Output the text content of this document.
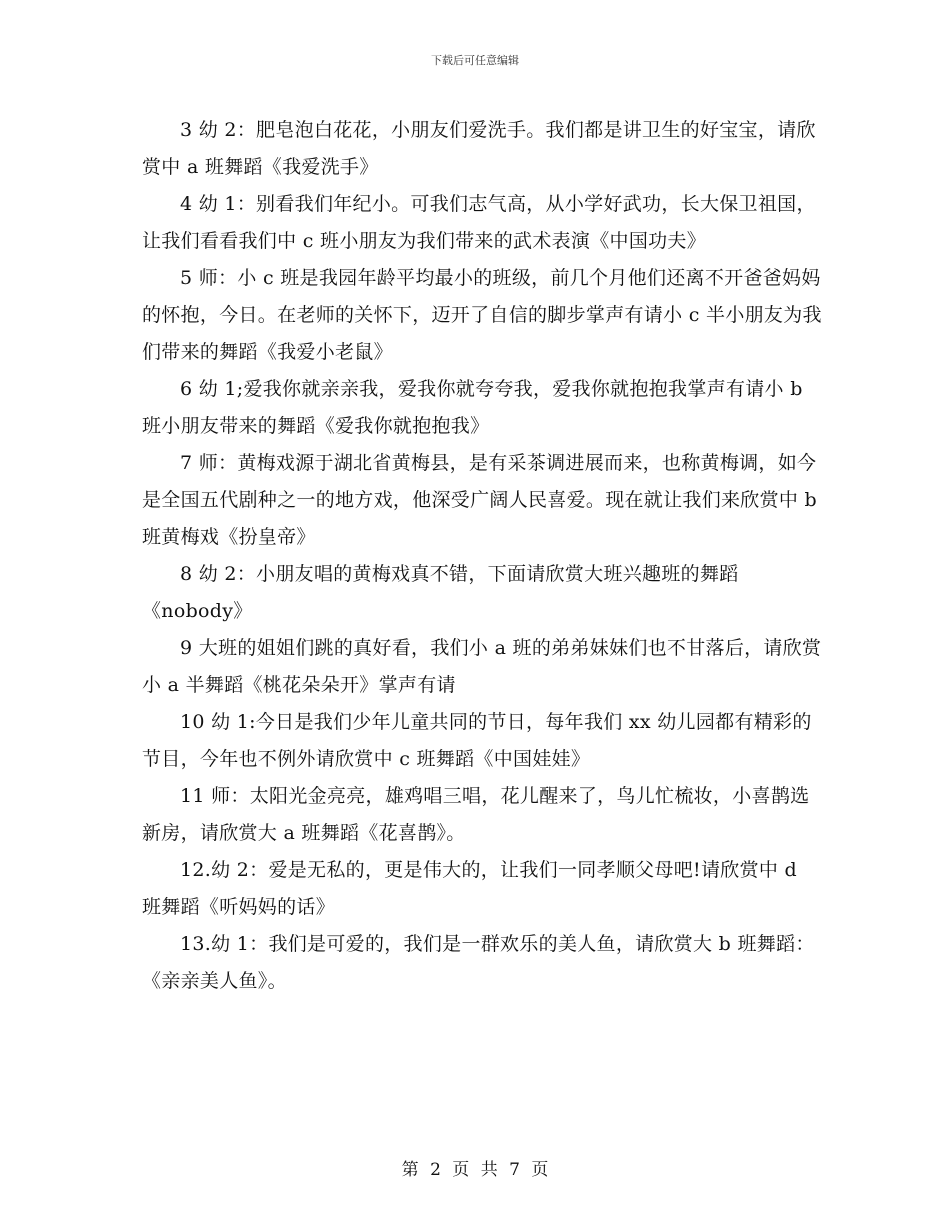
下载后可任意编辑

3 幼 2：肥皂泡白花花，小朋友们爱洗手。我们都是讲卫生的好宝宝，请欣赏中 a 班舞蹈《我爱洗手》

4 幼 1：别看我们年纪小。可我们志气高，从小学好武功，长大保卫祖国，让我们看看我们中 c 班小朋友为我们带来的武术表演《中国功夫》

5 师：小 c 班是我园年龄平均最小的班级，前几个月他们还离不开爸爸妈妈的怀抱，今日。在老师的关怀下，迈开了自信的脚步掌声有请小 c 半小朋友为我们带来的舞蹈《我爱小老鼠》

6 幼 1;爱我你就亲亲我，爱我你就夸夸我，爱我你就抱抱我掌声有请小 b 班小朋友带来的舞蹈《爱我你就抱抱我》

7 师：黄梅戏源于湖北省黄梅县，是有采茶调进展而来，也称黄梅调，如今是全国五代剧种之一的地方戏，他深受广阔人民喜爱。现在就让我们来欣赏中 b 班黄梅戏《扮皇帝》

8 幼 2：小朋友唱的黄梅戏真不错，下面请欣赏大班兴趣班的舞蹈《nobody》

9 大班的姐姐们跳的真好看，我们小 a 班的弟弟妹妹们也不甘落后，请欣赏小 a 半舞蹈《桃花朵朵开》掌声有请

10 幼 1:今日是我们少年儿童共同的节日，每年我们 xx 幼儿园都有精彩的节目，今年也不例外请欣赏中 c 班舞蹈《中国娃娃》

11 师：太阳光金亮亮，雄鸡唱三唱，花儿醒来了，鸟儿忙梳妆，小喜鹊选新房，请欣赏大 a 班舞蹈《花喜鹊》。

12.幼 2：爱是无私的，更是伟大的，让我们一同孝顺父母吧!请欣赏中 d 班舞蹈《听妈妈的话》

13.幼 1：我们是可爱的，我们是一群欢乐的美人鱼，请欣赏大 b 班舞蹈：《亲亲美人鱼》。

第 2 页 共 7 页
